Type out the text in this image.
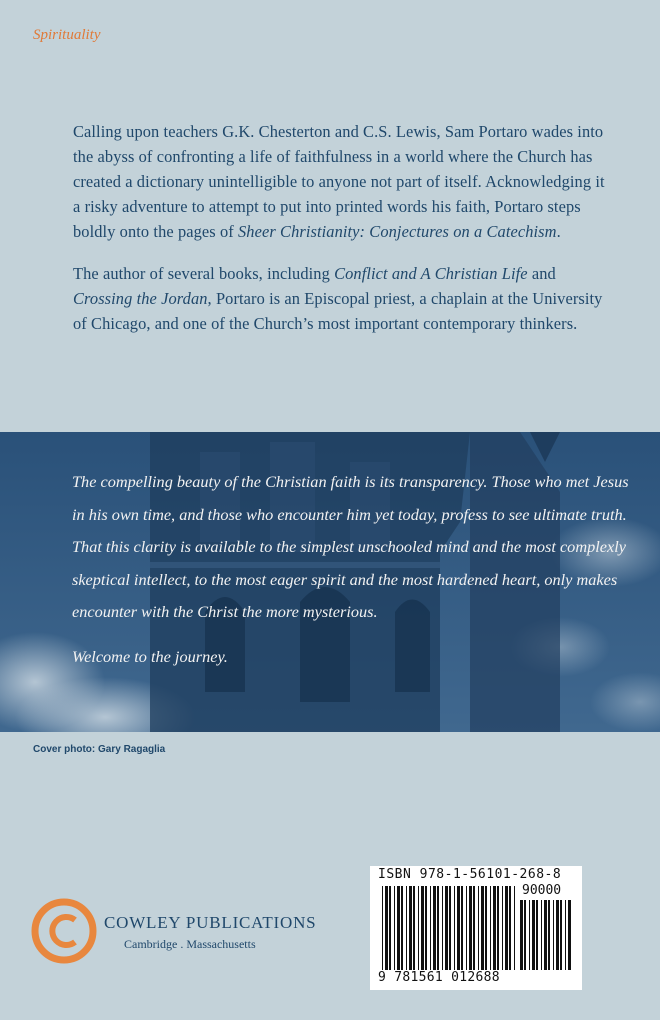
Spirituality

Calling upon teachers G.K. Chesterton and C.S. Lewis, Sam Portaro wades into the abyss of confronting a life of faithfulness in a world where the Church has created a dictionary unintelligible to anyone not part of itself. Acknowledging it a risky adventure to attempt to put into printed words his faith, Portaro steps boldly onto the pages of Sheer Christianity: Conjectures on a Catechism.

The author of several books, including Conflict and A Christian Life and Crossing the Jordan, Portaro is an Episcopal priest, a chaplain at the University of Chicago, and one of the Church’s most important contemporary thinkers.

The compelling beauty of the Christian faith is its transparency. Those who met Jesus in his own time, and those who encounter him yet today, profess to see ultimate truth. That this clarity is available to the simplest unschooled mind and the most complexly skeptical intellect, to the most eager spirit and the most hardened heart, only makes encounter with the Christ the more mysterious.

Welcome to the journey.

Cover photo: Gary Ragaglia
COWLEY PUBLICATIONS
Cambridge . Massachusetts
ISBN 978-1-56101-268-8
90000
9 781561 012688
